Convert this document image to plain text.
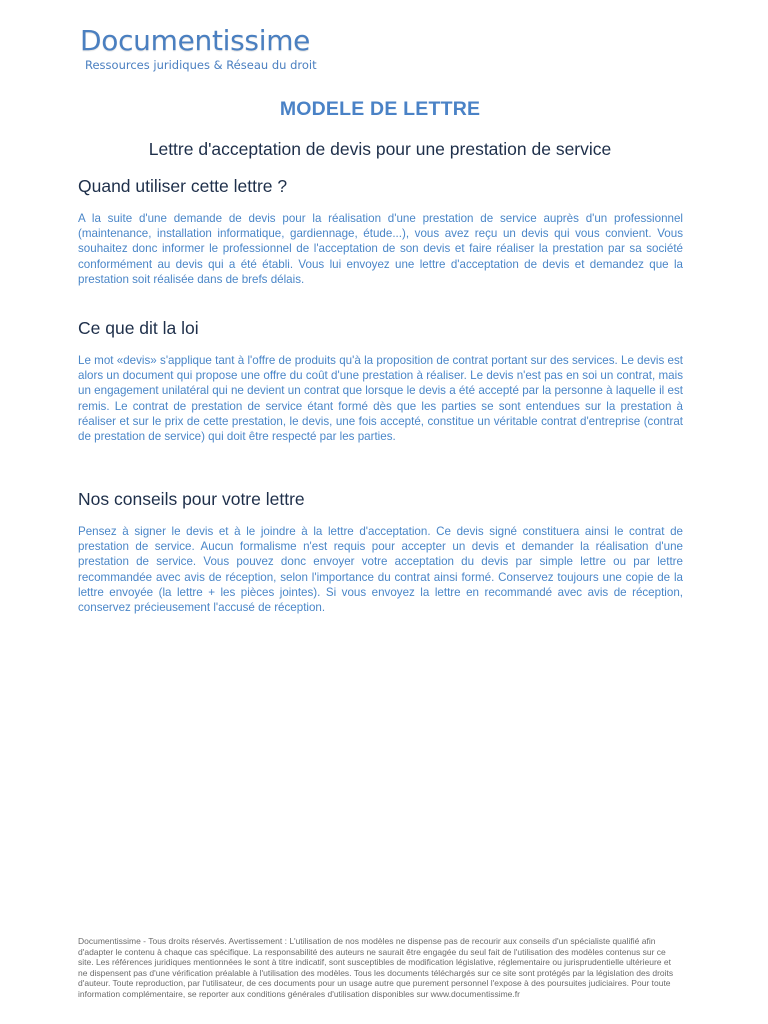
Documentissime
Ressources juridiques & Réseau du droit
MODELE DE LETTRE
Lettre d'acceptation de devis pour une prestation de service
Quand utiliser cette lettre ?
A la suite d'une demande de devis pour la réalisation d'une prestation de service auprès d'un professionnel (maintenance, installation informatique, gardiennage, étude...), vous avez reçu un devis qui vous convient. Vous souhaitez donc informer le professionnel de l'acceptation de son devis et faire réaliser la prestation par sa société conformément au devis qui a été établi. Vous lui envoyez une lettre d'acceptation de devis et demandez que la prestation soit réalisée dans de brefs délais.
Ce que dit la loi
Le mot «devis» s'applique tant à l'offre de produits qu'à la proposition de contrat portant sur des services. Le devis est alors un document qui propose une offre du coût d'une prestation à réaliser. Le devis n'est pas en soi un contrat, mais un engagement unilatéral qui ne devient un contrat que lorsque le devis a été accepté par la personne à laquelle il est remis. Le contrat de prestation de service étant formé dès que les parties se sont entendues sur la prestation à réaliser et sur le prix de cette prestation, le devis, une fois accepté, constitue un véritable contrat d'entreprise (contrat de prestation de service) qui doit être respecté par les parties.
Nos conseils pour votre lettre
Pensez à signer le devis et à le joindre à la lettre d'acceptation. Ce devis signé constituera ainsi le contrat de prestation de service. Aucun formalisme n'est requis pour accepter un devis et demander la réalisation d'une prestation de service. Vous pouvez donc envoyer votre acceptation du devis par simple lettre ou par lettre recommandée avec avis de réception, selon l'importance du contrat ainsi formé. Conservez toujours une copie de la lettre envoyée (la lettre + les pièces jointes). Si vous envoyez la lettre en recommandé avec avis de réception, conservez précieusement l'accusé de réception.
Documentissime - Tous droits réservés. Avertissement : L'utilisation de nos modèles ne dispense pas de recourir aux conseils d'un spécialiste qualifié afin d'adapter le contenu à chaque cas spécifique. La responsabilité des auteurs ne saurait être engagée du seul fait de l'utilisation des modèles contenus sur ce site. Les références juridiques mentionnées le sont à titre indicatif, sont susceptibles de modification législative, réglementaire ou jurisprudentielle ultérieure et ne dispensent pas d'une vérification préalable à l'utilisation des modèles. Tous les documents téléchargés sur ce site sont protégés par la législation des droits d'auteur. Toute reproduction, par l'utilisateur, de ces documents pour un usage autre que purement personnel l'expose à des poursuites judiciaires. Pour toute information complémentaire, se reporter aux conditions générales d'utilisation disponibles sur www.documentissime.fr
